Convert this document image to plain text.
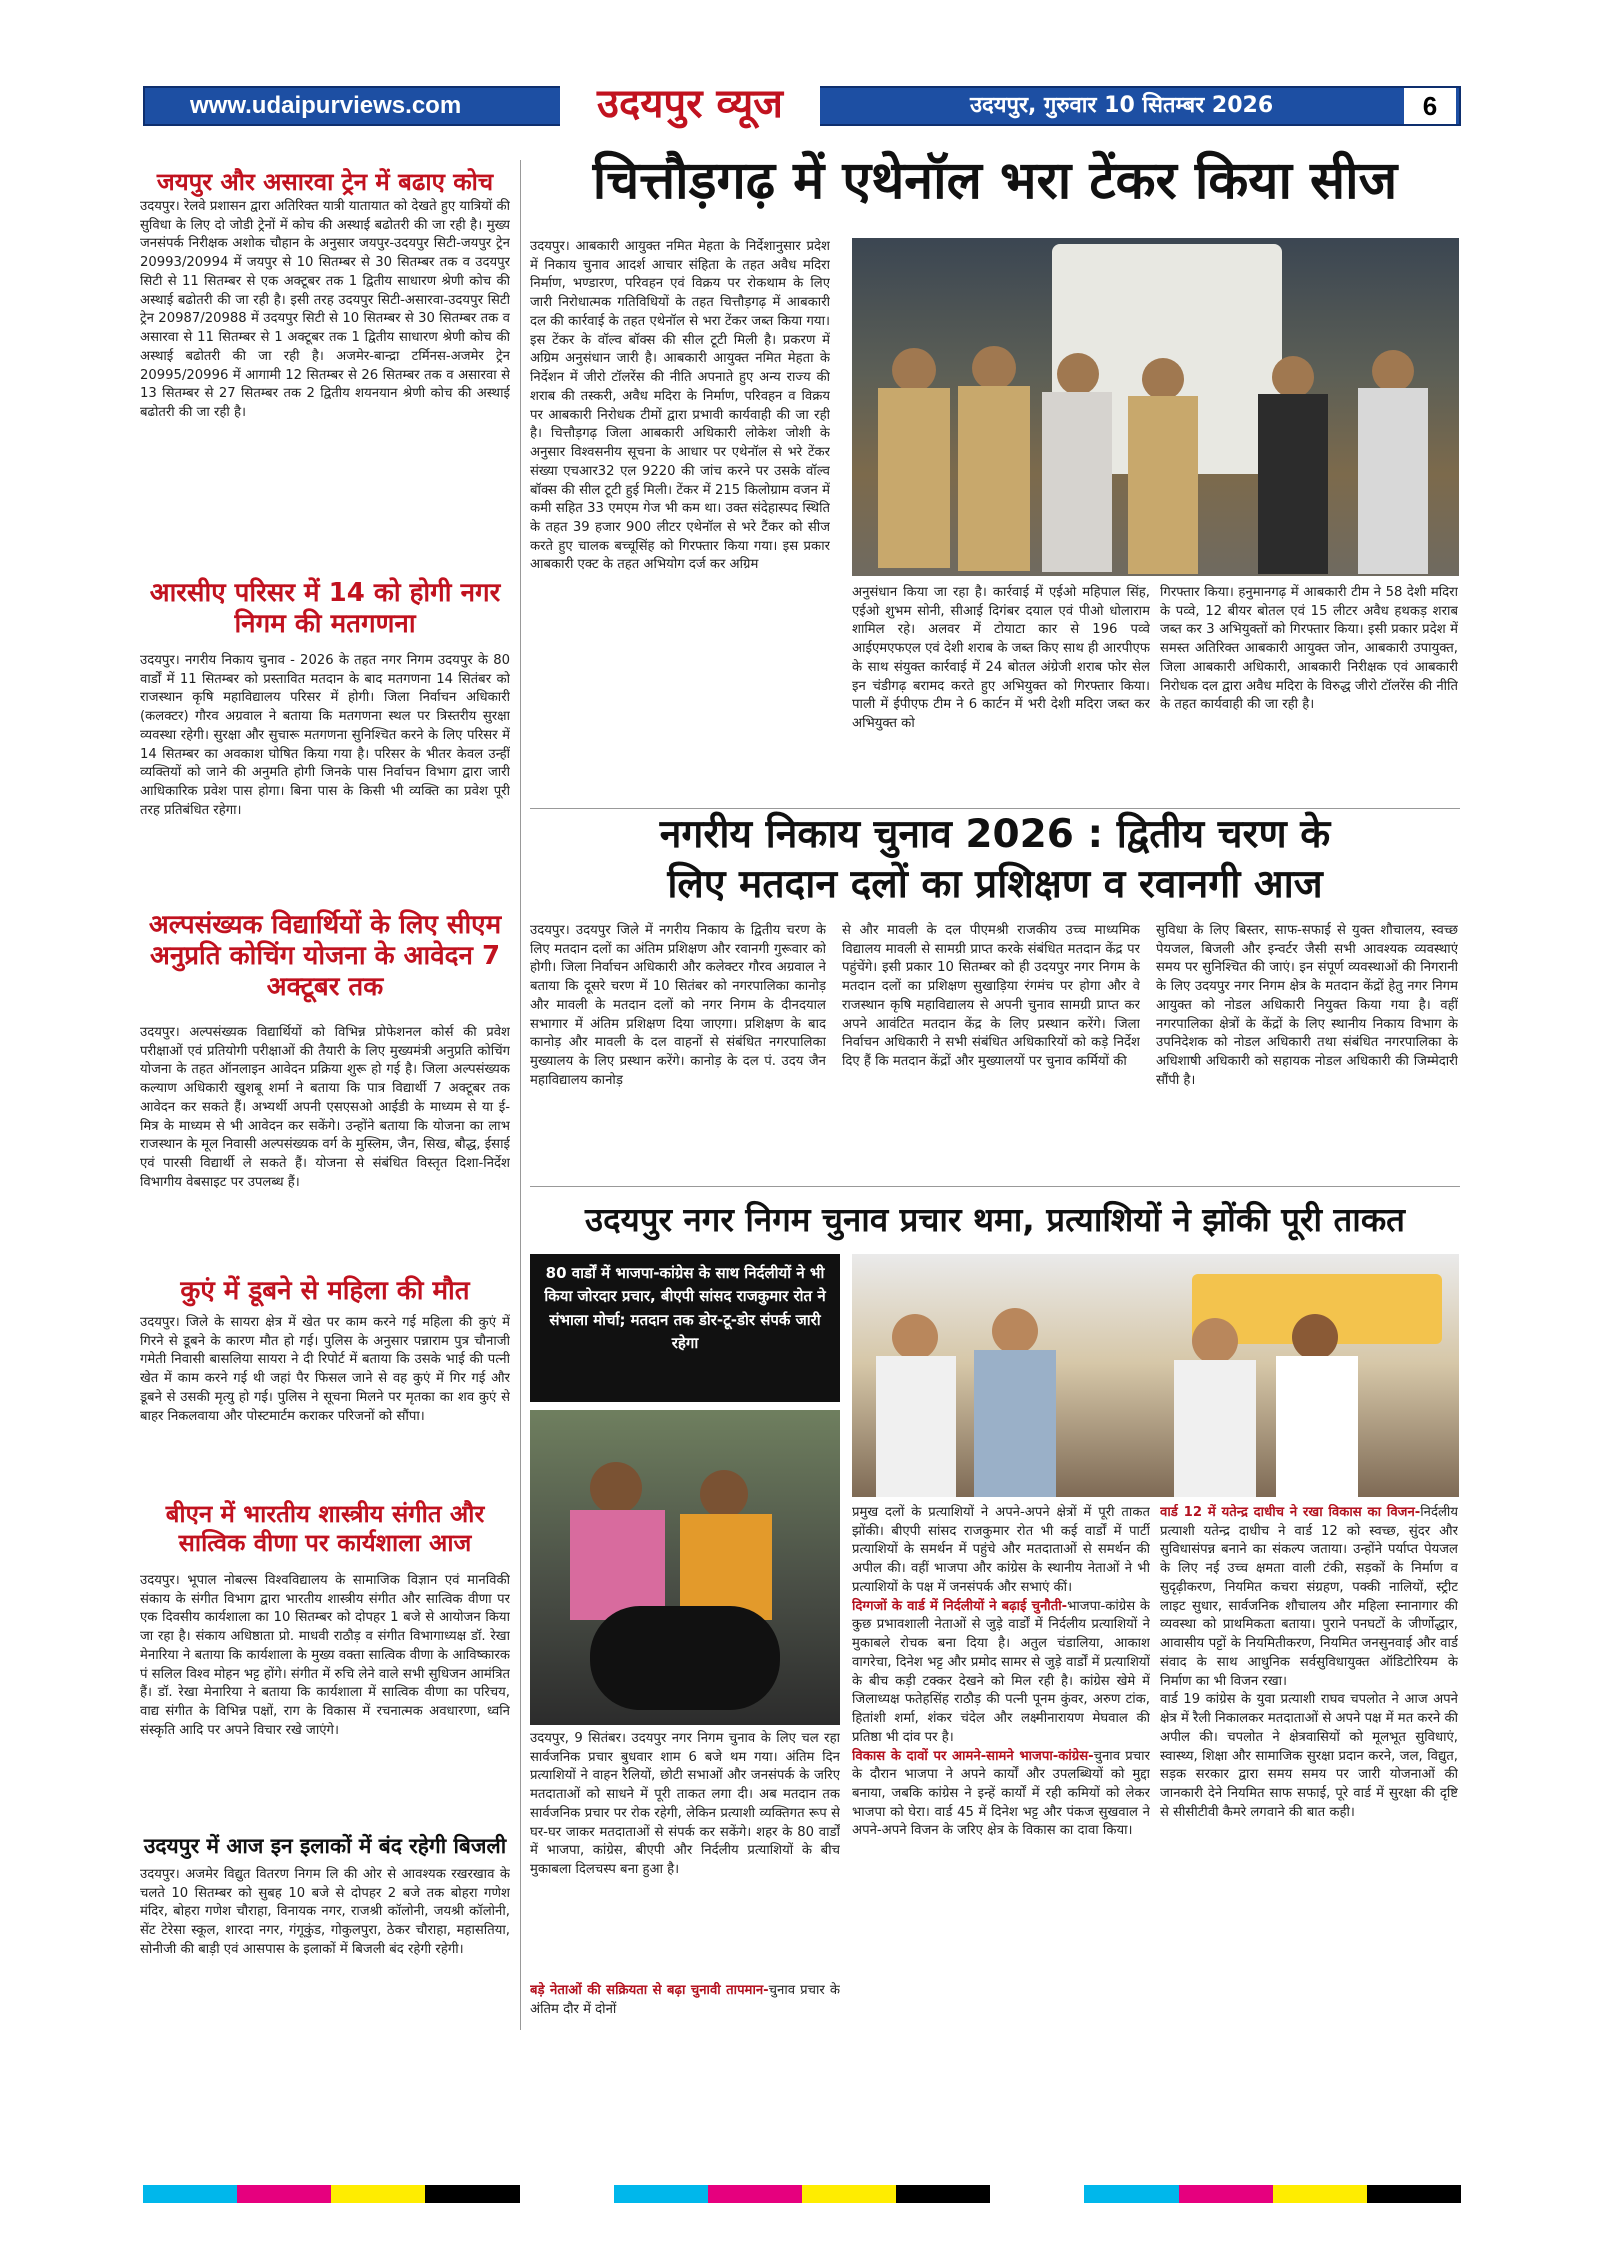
www.udaipurviews.com	उदयपुर व्यूज	उदयपुर, गुरुवार 10 सितम्बर 2026	6
जयपुर और असारवा ट्रेन में बढाए कोच
उदयपुर। रेलवे प्रशासन द्वारा अतिरिक्त यात्री यातायात को देखते हुए यात्रियों की सुविधा के लिए दो जोडी ट्रेनों में कोच की अस्थाई बढोतरी की जा रही है। मुख्य जनसंपर्क निरीक्षक अशोक चौहान के अनुसार जयपुर-उदयपुर सिटी-जयपुर ट्रेन 20993/20994 में जयपुर से 10 सितम्बर से 30 सितम्बर तक व उदयपुर सिटी से 11 सितम्बर से एक अक्टूबर तक 1 द्वितीय साधारण श्रेणी कोच की अस्थाई बढोतरी की जा रही है। इसी तरह उदयपुर सिटी-असारवा-उदयपुर सिटी ट्रेन 20987/20988 में उदयपुर सिटी से 10 सितम्बर से 30 सितम्बर तक व असारवा से 11 सितम्बर से 1 अक्टूबर तक 1 द्वितीय साधारण श्रेणी कोच की अस्थाई बढोतरी की जा रही है। अजमेर-बान्द्रा टर्मिनस-अजमेर ट्रेन 20995/20996 में आगामी 12 सितम्बर से 26 सितम्बर तक व असारवा से 13 सितम्बर से 27 सितम्बर तक 2 द्वितीय शयनयान श्रेणी कोच की अस्थाई बढोतरी की जा रही है।
आरसीए परिसर में 14 को होगी नगर निगम की मतगणना
उदयपुर। नगरीय निकाय चुनाव - 2026 के तहत नगर निगम उदयपुर के 80 वार्डों में 11 सितम्बर को प्रस्तावित मतदान के बाद मतगणना 14 सितंबर को राजस्थान कृषि महाविद्यालय परिसर में होगी। जिला निर्वाचन अधिकारी (कलक्टर) गौरव अग्रवाल ने बताया कि मतगणना स्थल पर त्रिस्तरीय सुरक्षा व्यवस्था रहेगी। सुरक्षा और सुचारू मतगणना सुनिश्चित करने के लिए परिसर में 14 सितम्बर का अवकाश घोषित किया गया है। परिसर के भीतर केवल उन्हीं व्यक्तियों को जाने की अनुमति होगी जिनके पास निर्वाचन विभाग द्वारा जारी आधिकारिक प्रवेश पास होगा। बिना पास के किसी भी व्यक्ति का प्रवेश पूरी तरह प्रतिबंधित रहेगा।
अल्पसंख्यक विद्यार्थियों के लिए सीएम अनुप्रति कोचिंग योजना के आवेदन 7 अक्टूबर तक
उदयपुर। अल्पसंख्यक विद्यार्थियों को विभिन्न प्रोफेशनल कोर्स की प्रवेश परीक्षाओं एवं प्रतियोगी परीक्षाओं की तैयारी के लिए मुख्यमंत्री अनुप्रति कोचिंग योजना के तहत ऑनलाइन आवेदन प्रक्रिया शुरू हो गई है। जिला अल्पसंख्यक कल्याण अधिकारी खुशबू शर्मा ने बताया कि पात्र विद्यार्थी 7 अक्टूबर तक आवेदन कर सकते हैं। अभ्यर्थी अपनी एसएसओ आईडी के माध्यम से या ई-मित्र के माध्यम से भी आवेदन कर सकेंगे। उन्होंने बताया कि योजना का लाभ राजस्थान के मूल निवासी अल्पसंख्यक वर्ग के मुस्लिम, जैन, सिख, बौद्ध, ईसाई एवं पारसी विद्यार्थी ले सकते हैं। योजना से संबंधित विस्तृत दिशा-निर्देश विभागीय वेबसाइट पर उपलब्ध हैं।
कुएं में डूबने से महिला की मौत
उदयपुर। जिले के सायरा क्षेत्र में खेत पर काम करने गई महिला की कुएं में गिरने से डूबने के कारण मौत हो गई। पुलिस के अनुसार पन्नाराम पुत्र चौनाजी गमेती निवासी बासलिया सायरा ने दी रिपोर्ट में बताया कि उसके भाई की पत्नी खेत में काम करने गई थी जहां पैर फिसल जाने से वह कुएं में गिर गई और डूबने से उसकी मृत्यु हो गई। पुलिस ने सूचना मिलने पर मृतका का शव कुएं से बाहर निकलवाया और पोस्टमार्टम कराकर परिजनों को सौंपा।
बीएन में भारतीय शास्त्रीय संगीत और सात्विक वीणा पर कार्यशाला आज
उदयपुर। भूपाल नोबल्स विश्वविद्यालय के सामाजिक विज्ञान एवं मानविकी संकाय के संगीत विभाग द्वारा भारतीय शास्त्रीय संगीत और सात्विक वीणा पर एक दिवसीय कार्यशाला का 10 सितम्बर को दोपहर 1 बजे से आयोजन किया जा रहा है। संकाय अधिष्ठाता प्रो. माधवी राठौड़ व संगीत विभागाध्यक्ष डॉ. रेखा मेनारिया ने बताया कि कार्यशाला के मुख्य वक्ता सात्विक वीणा के आविष्कारक पं सलिल विश्व मोहन भट्ट होंगे। संगीत में रुचि लेने वाले सभी सुधिजन आमंत्रित हैं। डॉ. रेखा मेनारिया ने बताया कि कार्यशाला में सात्विक वीणा का परिचय, वाद्य संगीत के विभिन्न पक्षों, राग के विकास में रचनात्मक अवधारणा, ध्वनि संस्कृति आदि पर अपने विचार रखे जाएंगे।
उदयपुर में आज इन इलाकों में बंद रहेगी बिजली
उदयपुर। अजमेर विद्युत वितरण निगम लि की ओर से आवश्यक रखरखाव के चलते 10 सितम्बर को सुबह 10 बजे से दोपहर 2 बजे तक बोहरा गणेश मंदिर, बोहरा गणेश चौराहा, विनायक नगर, राजश्री कॉलोनी, जयश्री कॉलोनी, सेंट टेरेसा स्कूल, शारदा नगर, गंगूकुंड, गोकुलपुरा, ठेकर चौराहा, महासतिया, सोनीजी की बाड़ी एवं आसपास के इलाकों में बिजली बंद रहेगी रहेगी।
चित्तौड़गढ़ में एथेनॉल भरा टेंकर किया सीज
उदयपुर। आबकारी आयुक्त नमित मेहता के निर्देशानुसार प्रदेश में निकाय चुनाव आदर्श आचार संहिता के तहत अवैध मदिरा निर्माण, भण्डारण, परिवहन एवं विक्रय पर रोकथाम के लिए जारी निरोधात्मक गतिविधियों के तहत चित्तौड़गढ़ में आबकारी दल की कार्रवाई के तहत एथेनॉल से भरा टेंकर जब्त किया गया। इस टेंकर के वॉल्व बॉक्स की सील टूटी मिली है। प्रकरण में अग्रिम अनुसंधान जारी है। आबकारी आयुक्त नमित मेहता के निर्देशन में जीरो टॉलरेंस की नीति अपनाते हुए अन्य राज्य की शराब की तस्करी, अवैध मदिरा के निर्माण, परिवहन व विक्रय पर आबकारी निरोधक टीमों द्वारा प्रभावी कार्यवाही की जा रही है। चित्तौड़गढ़ जिला आबकारी अधिकारी लोकेश जोशी के अनुसार विश्वसनीय सूचना के आधार पर एथेनॉल से भरे टेंकर संख्या एचआर32 एल 9220 की जांच करने पर उसके वॉल्व बॉक्स की सील टूटी हुई मिली। टेंकर में 215 किलोग्राम वजन में कमी सहित 33 एमएम गेज भी कम था। उक्त संदेहास्पद स्थिति के तहत 39 हजार 900 लीटर एथेनॉल से भरे टैंकर को सीज करते हुए चालक बच्चूसिंह को गिरफ्तार किया गया। इस प्रकार आबकारी एक्ट के तहत अभियोग दर्ज कर अग्रिम
अनुसंधान किया जा रहा है। कार्रवाई में एईओ महिपाल सिंह, एईओ शुभम सोनी, सीआई दिगंबर दयाल एवं पीओ धोलाराम शामिल रहे। अलवर में टोयाटा कार से 196 पव्वे आईएमएफएल एवं देशी शराब के जब्त किए साथ ही आरपीएफ के साथ संयुक्त कार्रवाई में 24 बोतल अंग्रेजी शराब फोर सेल इन चंडीगढ़ बरामद करते हुए अभियुक्त को गिरफ्तार किया। पाली में ईपीएफ टीम ने 6 कार्टन में भरी देशी मदिरा जब्त कर अभियुक्त को
गिरफ्तार किया। हनुमानगढ़ में आबकारी टीम ने 58 देशी मदिरा के पव्वे, 12 बीयर बोतल एवं 15 लीटर अवैध हथकड़ शराब जब्त कर 3 अभियुक्तों को गिरफ्तार किया। इसी प्रकार प्रदेश में समस्त अतिरिक्त आबकारी आयुक्त जोन, आबकारी उपायुक्त, जिला आबकारी अधिकारी, आबकारी निरीक्षक एवं आबकारी निरोधक दल द्वारा अवैध मदिरा के विरुद्ध जीरो टॉलरेंस की नीति के तहत कार्यवाही की जा रही है।
नगरीय निकाय चुनाव 2026 : द्वितीय चरण के
लिए मतदान दलों का प्रशिक्षण व रवानगी आज
उदयपुर। उदयपुर जिले में नगरीय निकाय के द्वितीय चरण के लिए मतदान दलों का अंतिम प्रशिक्षण और रवानगी गुरूवार को होगी। जिला निर्वाचन अधिकारी और कलेक्टर गौरव अग्रवाल ने बताया कि दूसरे चरण में 10 सितंबर को नगरपालिका कानोड़ और मावली के मतदान दलों को नगर निगम के दीनदयाल सभागार में अंतिम प्रशिक्षण दिया जाएगा। प्रशिक्षण के बाद कानोड़ और मावली के दल वाहनों से संबंधित नगरपालिका मुख्यालय के लिए प्रस्थान करेंगे। कानोड़ के दल पं. उदय जैन महाविद्यालय कानोड़
से और मावली के दल पीएमश्री राजकीय उच्च माध्यमिक विद्यालय मावली से सामग्री प्राप्त करके संबंधित मतदान केंद्र पर पहुंचेंगे। इसी प्रकार 10 सितम्बर को ही उदयपुर नगर निगम के मतदान दलों का प्रशिक्षण सुखाड़िया रंगमंच पर होगा और वे राजस्थान कृषि महाविद्यालय से अपनी चुनाव सामग्री प्राप्त कर अपने आवंटित मतदान केंद्र के लिए प्रस्थान करेंगे। जिला निर्वाचन अधिकारी ने सभी संबंधित अधिकारियों को कड़े निर्देश दिए हैं कि मतदान केंद्रों और मुख्यालयों पर चुनाव कर्मियों की
सुविधा के लिए बिस्तर, साफ-सफाई से युक्त शौचालय, स्वच्छ पेयजल, बिजली और इन्वर्टर जैसी सभी आवश्यक व्यवस्थाएं समय पर सुनिश्चित की जाएं। इन संपूर्ण व्यवस्थाओं की निगरानी के लिए उदयपुर नगर निगम क्षेत्र के मतदान केंद्रों हेतु नगर निगम आयुक्त को नोडल अधिकारी नियुक्त किया गया है। वहीं नगरपालिका क्षेत्रों के केंद्रों के लिए स्थानीय निकाय विभाग के उपनिदेशक को नोडल अधिकारी तथा संबंधित नगरपालिका के अधिशाषी अधिकारी को सहायक नोडल अधिकारी की जिम्मेदारी सौंपी है।
उदयपुर नगर निगम चुनाव प्रचार थमा, प्रत्याशियों ने झोंकी पूरी ताकत
80 वार्डों में भाजपा-कांग्रेस के साथ निर्दलीयों ने भी किया जोरदार प्रचार, बीएपी सांसद राजकुमार रोत ने संभाला मोर्चा; मतदान तक डोर-टू-डोर संपर्क जारी रहेगा
उदयपुर, 9 सितंबर। उदयपुर नगर निगम चुनाव के लिए चल रहा सार्वजनिक प्रचार बुधवार शाम 6 बजे थम गया। अंतिम दिन प्रत्याशियों ने वाहन रैलियों, छोटी सभाओं और जनसंपर्क के जरिए मतदाताओं को साधने में पूरी ताकत लगा दी। अब मतदान तक सार्वजनिक प्रचार पर रोक रहेगी, लेकिन प्रत्याशी व्यक्तिगत रूप से घर-घर जाकर मतदाताओं से संपर्क कर सकेंगे। शहर के 80 वार्डों में भाजपा, कांग्रेस, बीएपी और निर्दलीय प्रत्याशियों के बीच मुकाबला दिलचस्प बना हुआ है।
बड़े नेताओं की सक्रियता से बढ़ा चुनावी तापमान-चुनाव प्रचार के अंतिम दौर में दोनों
प्रमुख दलों के प्रत्याशियों ने अपने-अपने क्षेत्रों में पूरी ताकत झोंकी। बीएपी सांसद राजकुमार रोत भी कई वार्डों में पार्टी प्रत्याशियों के समर्थन में पहुंचे और मतदाताओं से समर्थन की अपील की। वहीं भाजपा और कांग्रेस के स्थानीय नेताओं ने भी प्रत्याशियों के पक्ष में जनसंपर्क और सभाएं कीं।
दिग्गजों के वार्ड में निर्दलीयों ने बढ़ाई चुनौती-भाजपा-कांग्रेस के कुछ प्रभावशाली नेताओं से जुड़े वार्डों में निर्दलीय प्रत्याशियों ने मुकाबले रोचक बना दिया है। अतुल चंडालिया, आकाश वागरेचा, दिनेश भट्ट और प्रमोद सामर से जुड़े वार्डों में प्रत्याशियों के बीच कड़ी टक्कर देखने को मिल रही है। कांग्रेस खेमे में जिलाध्यक्ष फतेहसिंह राठौड़ की पत्नी पूनम कुंवर, अरुण टांक, हितांशी शर्मा, शंकर चंदेल और लक्ष्मीनारायण मेघवाल की प्रतिष्ठा भी दांव पर है।
विकास के दावों पर आमने-सामने भाजपा-कांग्रेस-चुनाव प्रचार के दौरान भाजपा ने अपने कार्यों और उपलब्धियों को मुद्दा बनाया, जबकि कांग्रेस ने इन्हें कार्यों में रही कमियों को लेकर भाजपा को घेरा। वार्ड 45 में दिनेश भट्ट और पंकज सुखवाल ने अपने-अपने विजन के जरिए क्षेत्र के विकास का दावा किया।
वार्ड 12 में यतेन्द्र दाधीच ने रखा विकास का विजन-निर्दलीय प्रत्याशी यतेन्द्र दाधीच ने वार्ड 12 को स्वच्छ, सुंदर और सुविधासंपन्न बनाने का संकल्प जताया। उन्होंने पर्याप्त पेयजल के लिए नई उच्च क्षमता वाली टंकी, सड़कों के निर्माण व सुदृढ़ीकरण, नियमित कचरा संग्रहण, पक्की नालियों, स्ट्रीट लाइट सुधार, सार्वजनिक शौचालय और महिला स्नानागार की व्यवस्था को प्राथमिकता बताया। पुराने पनघटों के जीर्णोद्धार, आवासीय पट्टों के नियमितीकरण, नियमित जनसुनवाई और वार्ड संवाद के साथ आधुनिक सर्वसुविधायुक्त ऑडिटोरियम के निर्माण का भी विजन रखा।
वार्ड 19 कांग्रेस के युवा प्रत्याशी राघव चपलोत ने आज अपने क्षेत्र में रैली निकालकर मतदाताओं से अपने पक्ष में मत करने की अपील की। चपलोत ने क्षेत्रवासियों को मूलभूत सुविधाएं, स्वास्थ्य, शिक्षा और सामाजिक सुरक्षा प्रदान करने, जल, विद्युत, सड़क सरकार द्वारा समय समय पर जारी योजनाओं की जानकारी देने नियमित साफ सफाई, पूरे वार्ड में सुरक्षा की दृष्टि से सीसीटीवी कैमरे लगवाने की बात कही।
